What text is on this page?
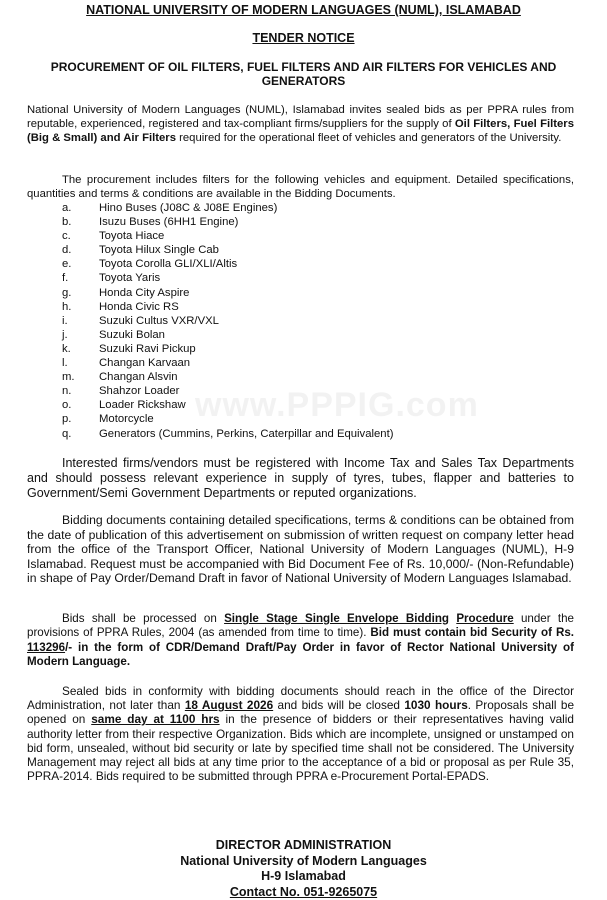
NATIONAL UNIVERSITY OF MODERN LANGUAGES (NUML), ISLAMABAD
TENDER NOTICE
PROCUREMENT OF OIL FILTERS, FUEL FILTERS AND AIR FILTERS FOR VEHICLES AND GENERATORS
National University of Modern Languages (NUML), Islamabad invites sealed bids as per PPRA rules from reputable, experienced, registered and tax-compliant firms/suppliers for the supply of Oil Filters, Fuel Filters (Big & Small) and Air Filters required for the operational fleet of vehicles and generators of the University.
The procurement includes filters for the following vehicles and equipment. Detailed specifications, quantities and terms & conditions are available in the Bidding Documents.
a. Hino Buses (J08C & J08E Engines)
b. Isuzu Buses (6HH1 Engine)
c. Toyota Hiace
d. Toyota Hilux Single Cab
e. Toyota Corolla GLI/XLI/Altis
f.	Toyota Yaris
g. Honda City Aspire
h. Honda Civic RS
i.	Suzuki Cultus VXR/VXL
j.	Suzuki Bolan
k. Suzuki Ravi Pickup
l.	Changan Karvaan
m. Changan Alsvin
n. Shahzor Loader
o. Loader Rickshaw
p. Motorcycle
q. Generators (Cummins, Perkins, Caterpillar and Equivalent)
www.PPPIG.com
Interested firms/vendors must be registered with Income Tax and Sales Tax Departments and should possess relevant experience in supply of tyres, tubes, flapper and batteries to Government/Semi Government Departments or reputed organizations.
Bidding documents containing detailed specifications, terms & conditions can be obtained from the date of publication of this advertisement on submission of written request on company letter head from the office of the Transport Officer, National University of Modern Languages (NUML), H-9 Islamabad. Request must be accompanied with Bid Document Fee of Rs. 10,000/- (Non-Refundable) in shape of Pay Order/Demand Draft in favor of National University of Modern Languages Islamabad.
Bids shall be processed on Single Stage Single Envelope Bidding Procedure under the provisions of PPRA Rules, 2004 (as amended from time to time). Bid must contain bid Security of Rs. 113296/- in the form of CDR/Demand Draft/Pay Order in favor of Rector National University of Modern Language.
Sealed bids in conformity with bidding documents should reach in the office of the Director Administration, not later than 18 August 2026 and bids will be closed 1030 hours. Proposals shall be opened on same day at 1100 hrs in the presence of bidders or their representatives having valid authority letter from their respective Organization. Bids which are incomplete, unsigned or unstamped on bid form, unsealed, without bid security or late by specified time shall not be considered. The University Management may reject all bids at any time prior to the acceptance of a bid or proposal as per Rule 35, PPRA-2014. Bids required to be submitted through PPRA e-Procurement Portal-EPADS.
DIRECTOR ADMINISTRATION
National University of Modern Languages
H-9 Islamabad
Contact No. 051-9265075
